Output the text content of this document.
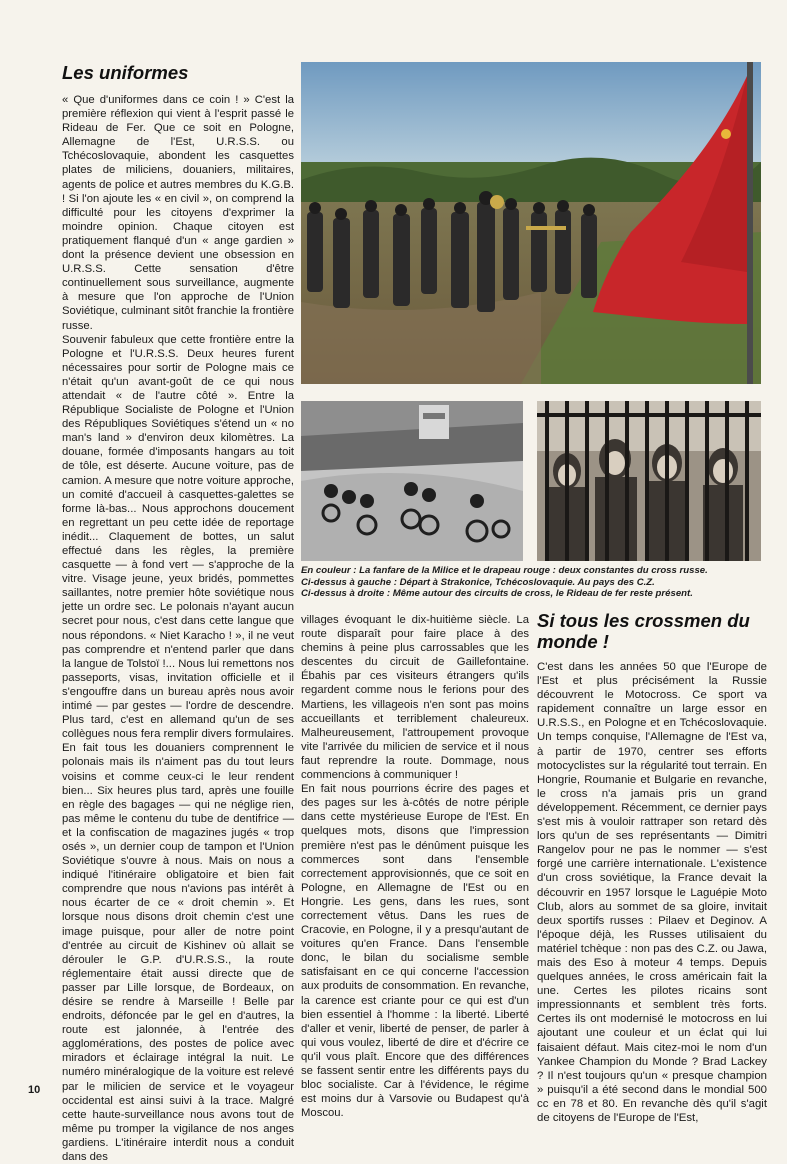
Les uniformes

« Que d'uniformes dans ce coin ! » C'est la première réflexion qui vient à l'esprit passé le Rideau de Fer. Que ce soit en Pologne, Allemagne de l'Est, U.R.S.S. ou Tchécoslovaquie, abondent les casquettes plates de miliciens, douaniers, militaires, agents de police et autres membres du K.G.B. ! Si l'on ajoute les « en civil », on comprend la difficulté pour les citoyens d'exprimer la moindre opinion. Chaque citoyen est pratiquement flanqué d'un « ange gardien » dont la présence devient une obsession en U.R.S.S. Cette sensation d'être continuellement sous surveillance, augmente à mesure que l'on approche de l'Union Soviétique, culminant sitôt franchie la frontière russe.

Souvenir fabuleux que cette frontière entre la Pologne et l'U.R.S.S. Deux heures furent nécessaires pour sortir de Pologne mais ce n'était qu'un avant-goût de ce qui nous attendait « de l'autre côté ». Entre la République Socialiste de Pologne et l'Union des Républiques Soviétiques s'étend un « no man's land » d'environ deux kilomètres. La douane, formée d'imposants hangars au toit de tôle, est déserte. Aucune voiture, pas de camion. A mesure que notre voiture approche, un comité d'accueil à casquettes-galettes se forme là-bas... Nous approchons doucement en regrettant un peu cette idée de reportage inédit... Claquement de bottes, un salut effectué dans les règles, la première casquette — à fond vert — s'approche de la vitre. Visage jeune, yeux bridés, pommettes saillantes, notre premier hôte soviétique nous jette un ordre sec. Le polonais n'ayant aucun secret pour nous, c'est dans cette langue que nous répondons. « Niet Karacho ! », il ne veut pas comprendre et n'entend parler que dans la langue de Tolstoï !... Nous lui remettons nos passeports, visas, invitation officielle et il s'engouffre dans un bureau après nous avoir intimé — par gestes — l'ordre de descendre. Plus tard, c'est en allemand qu'un de ses collègues nous fera remplir divers formulaires. En fait tous les douaniers comprennent le polonais mais ils n'aiment pas du tout leurs voisins et comme ceux-ci le leur rendent bien... Six heures plus tard, après une fouille en règle des bagages — qui ne néglige rien, pas même le contenu du tube de dentifrice — et la confiscation de magazines jugés « trop osés », un dernier coup de tampon et l'Union Soviétique s'ouvre à nous. Mais on nous a indiqué l'itinéraire obligatoire et bien fait comprendre que nous n'avions pas intérêt à nous écarter de ce « droit chemin ». Et lorsque nous disons droit chemin c'est une image puisque, pour aller de notre point d'entrée au circuit de Kishinev où allait se dérouler le G.P. d'U.R.S.S., la route réglementaire était aussi directe que de passer par Lille lorsque, de Bordeaux, on désire se rendre à Marseille ! Belle par endroits, défoncée par le gel en d'autres, la route est jalonnée, à l'entrée des agglomérations, des postes de police avec miradors et éclairage intégral la nuit. Le numéro minéralogique de la voiture est relevé par le milicien de service et le voyageur occidental est ainsi suivi à la trace. Malgré cette haute-surveillance nous avons tout de même pu tromper la vigilance de nos anges gardiens. L'itinéraire interdit nous a conduit dans des

En couleur : La fanfare de la Milice et le drapeau rouge : deux constantes du cross russe.
Ci-dessus à gauche : Départ à Strakonice, Tchécoslovaquie. Au pays des C.Z.
Ci-dessus à droite : Même autour des circuits de cross, le Rideau de fer reste présent.

villages évoquant le dix-huitième siècle. La route disparaît pour faire place à des chemins à peine plus carrossables que les descentes du circuit de Gaillefontaine. Ébahis par ces visiteurs étrangers qu'ils regardent comme nous le ferions pour des Martiens, les villageois n'en sont pas moins accueillants et terriblement chaleureux. Malheureusement, l'attroupement provoque vite l'arrivée du milicien de service et il nous faut reprendre la route. Dommage, nous commencions à communiquer !

En fait nous pourrions écrire des pages et des pages sur les à-côtés de notre périple dans cette mystérieuse Europe de l'Est. En quelques mots, disons que l'impression première n'est pas le dénûment puisque les commerces sont dans l'ensemble correctement approvisionnés, que ce soit en Pologne, en Allemagne de l'Est ou en Hongrie. Les gens, dans les rues, sont correctement vêtus. Dans les rues de Cracovie, en Pologne, il y a presqu'autant de voitures qu'en France. Dans l'ensemble donc, le bilan du socialisme semble satisfaisant en ce qui concerne l'accession aux produits de consommation. En revanche, la carence est criante pour ce qui est d'un bien essentiel à l'homme : la liberté. Liberté d'aller et venir, liberté de penser, de parler à qui vous voulez, liberté de dire et d'écrire ce qu'il vous plaît. Encore que des différences se fassent sentir entre les différents pays du bloc socialiste. Car à l'évidence, le régime est moins dur à Varsovie ou Budapest qu'à Moscou.

Si tous les crossmen du monde !

C'est dans les années 50 que l'Europe de l'Est et plus précisément la Russie découvrent le Motocross. Ce sport va rapidement connaître un large essor en U.R.S.S., en Pologne et en Tchécoslovaquie. Un temps conquise, l'Allemagne de l'Est va, à partir de 1970, centrer ses efforts motocyclistes sur la régularité tout terrain. En Hongrie, Roumanie et Bulgarie en revanche, le cross n'a jamais pris un grand développement. Récemment, ce dernier pays s'est mis à vouloir rattraper son retard dès lors qu'un de ses représentants — Dimitri Rangelov pour ne pas le nommer — s'est forgé une carrière internationale. L'existence d'un cross soviétique, la France devait la découvrir en 1957 lorsque le Laguépie Moto Club, alors au sommet de sa gloire, invitait deux sportifs russes : Pilaev et Deginov. A l'époque déjà, les Russes utilisaient du matériel tchèque : non pas des C.Z. ou Jawa, mais des Eso à moteur 4 temps. Depuis quelques années, le cross américain fait la une. Certes les pilotes ricains sont impressionnants et semblent très forts. Certes ils ont modernisé le motocross en lui ajoutant une couleur et un éclat qui lui faisaient défaut. Mais citez-moi le nom d'un Yankee Champion du Monde ? Brad Lackey ? Il n'est toujours qu'un « presque champion » puisqu'il a été second dans le mondial 500 cc en 78 et 80. En revanche dès qu'il s'agit de citoyens de l'Europe de l'Est,

10
